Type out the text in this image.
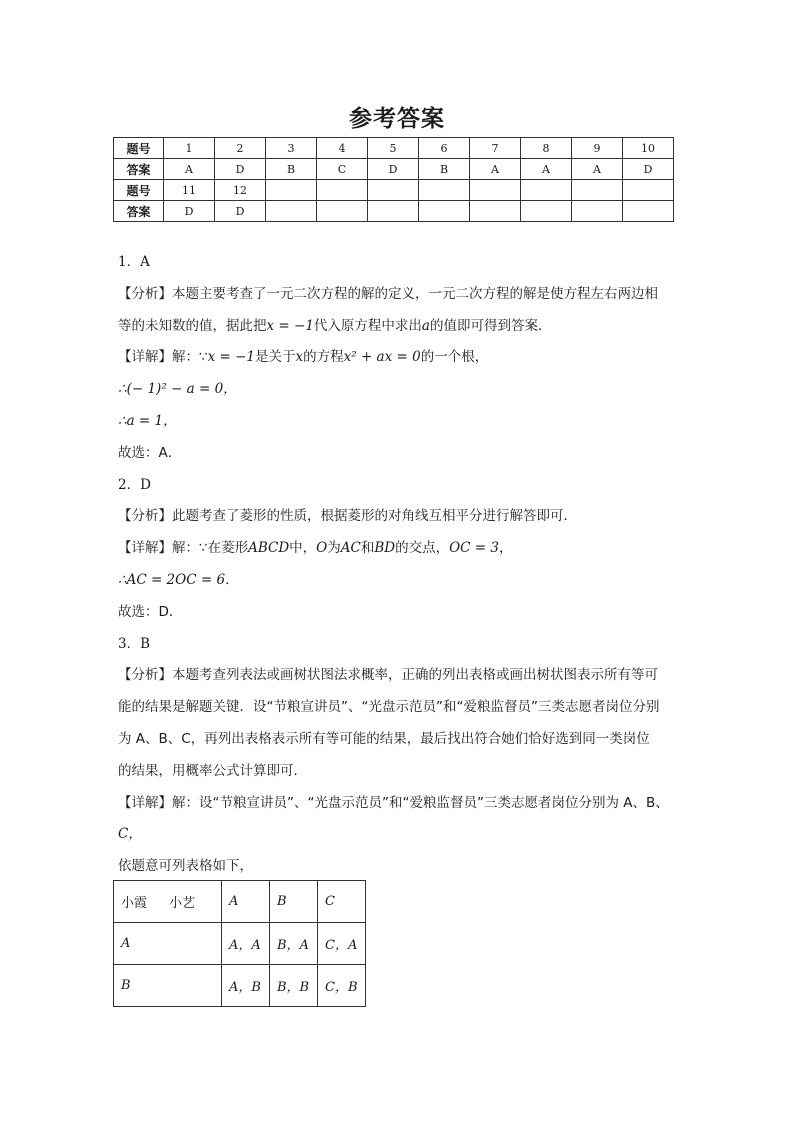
参考答案
题号	1	2	3	4	5	6	7	8	9	10
答案	A	D	B	C	D	B	A	A	A	D
题号	11	12								
答案	D	D								
1．A
【分析】本题主要考查了一元二次方程的解的定义，一元二次方程的解是使方程左右两边相
等的未知数的值，据此把x = −1代入原方程中求出a的值即可得到答案．
【详解】解：∵x = −1是关于x的方程x² + ax = 0的一个根，
∴(− 1)² − a = 0，
∴a = 1，
故选：A．
2．D
【分析】此题考查了菱形的性质，根据菱形的对角线互相平分进行解答即可．
【详解】解：∵在菱形ABCD中，O为AC和BD的交点，OC = 3，
∴AC = 2OC = 6．
故选：D．
3．B
【分析】本题考查列表法或画树状图法求概率，正确的列出表格或画出树状图表示所有等可
能的结果是解题关键．设“节粮宣讲员”、“光盘示范员”和“爱粮监督员”三类志愿者岗位分别
为 A、B、C，再列出表格表示所有等可能的结果，最后找出符合她们恰好选到同一类岗位
的结果，用概率公式计算即可．
【详解】解：设“节粮宣讲员”、“光盘示范员”和“爱粮监督员”三类志愿者岗位分别为 A、B、
C，
依题意可列表格如下，
小霞 小艺	A	B	C
A	A，A	B，A	C，A
B	A，B	B，B	C，B
